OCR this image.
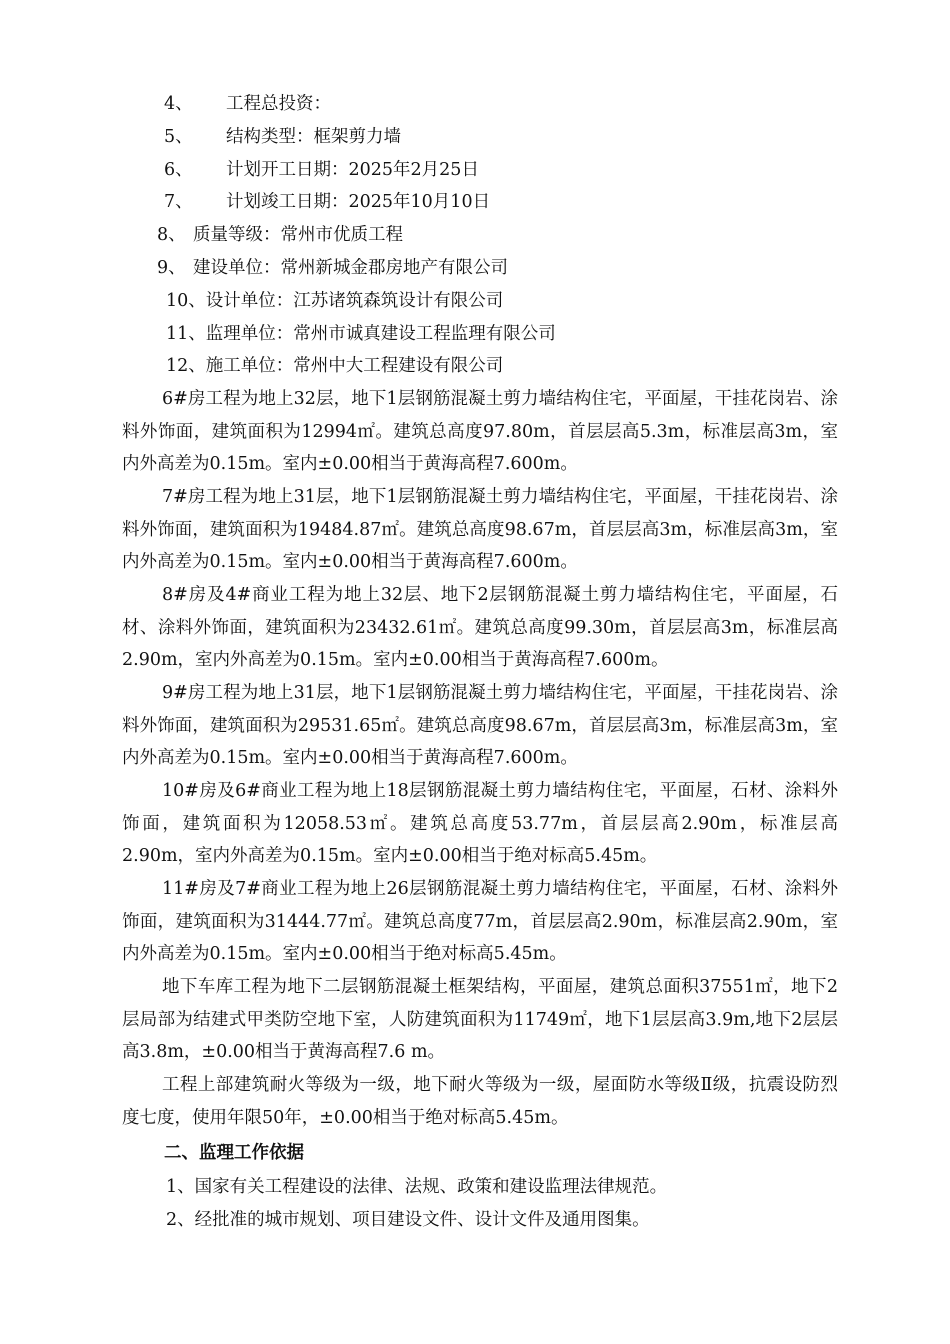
4、 工程总投资：
5、 结构类型：框架剪力墙
6、 计划开工日期：2025年2月25日
7、 计划竣工日期：2025年10月10日
8、 质量等级：常州市优质工程
9、 建设单位：常州新城金郡房地产有限公司
10、设计单位：江苏诸筑森筑设计有限公司
11、监理单位：常州市诚真建设工程监理有限公司
12、施工单位：常州中大工程建设有限公司

6#房工程为地上32层，地下1层钢筋混凝土剪力墙结构住宅，平面屋，干挂花岗岩、涂料外饰面，建筑面积为12994㎡。建筑总高度97.80m，首层层高5.3m，标准层高3m，室内外高差为0.15m。室内±0.00相当于黄海高程7.600m。

7#房工程为地上31层，地下1层钢筋混凝土剪力墙结构住宅，平面屋，干挂花岗岩、涂料外饰面，建筑面积为19484.87㎡。建筑总高度98.67m，首层层高3m，标准层高3m，室内外高差为0.15m。室内±0.00相当于黄海高程7.600m。

8#房及4#商业工程为地上32层、地下2层钢筋混凝土剪力墙结构住宅，平面屋，石材、涂料外饰面，建筑面积为23432.61㎡。建筑总高度99.30m，首层层高3m，标准层高2.90m，室内外高差为0.15m。室内±0.00相当于黄海高程7.600m。

9#房工程为地上31层，地下1层钢筋混凝土剪力墙结构住宅，平面屋，干挂花岗岩、涂料外饰面，建筑面积为29531.65㎡。建筑总高度98.67m，首层层高3m，标准层高3m，室内外高差为0.15m。室内±0.00相当于黄海高程7.600m。

10#房及6#商业工程为地上18层钢筋混凝土剪力墙结构住宅，平面屋，石材、涂料外饰面，建筑面积为12058.53㎡。建筑总高度53.77m，首层层高2.90m，标准层高2.90m，室内外高差为0.15m。室内±0.00相当于绝对标高5.45m。

11#房及7#商业工程为地上26层钢筋混凝土剪力墙结构住宅，平面屋，石材、涂料外饰面，建筑面积为31444.77㎡。建筑总高度77m，首层层高2.90m，标准层高2.90m，室内外高差为0.15m。室内±0.00相当于绝对标高5.45m。

地下车库工程为地下二层钢筋混凝土框架结构，平面屋，建筑总面积37551㎡，地下2层局部为结建式甲类防空地下室，人防建筑面积为11749㎡，地下1层层高3.9m,地下2层层高3.8m，±0.00相当于黄海高程7.6 m。

工程上部建筑耐火等级为一级，地下耐火等级为一级，屋面防水等级Ⅱ级，抗震设防烈度七度，使用年限50年，±0.00相当于绝对标高5.45m。

二、监理工作依据
1、国家有关工程建设的法律、法规、政策和建设监理法律规范。
2、经批准的城市规划、项目建设文件、设计文件及通用图集。
